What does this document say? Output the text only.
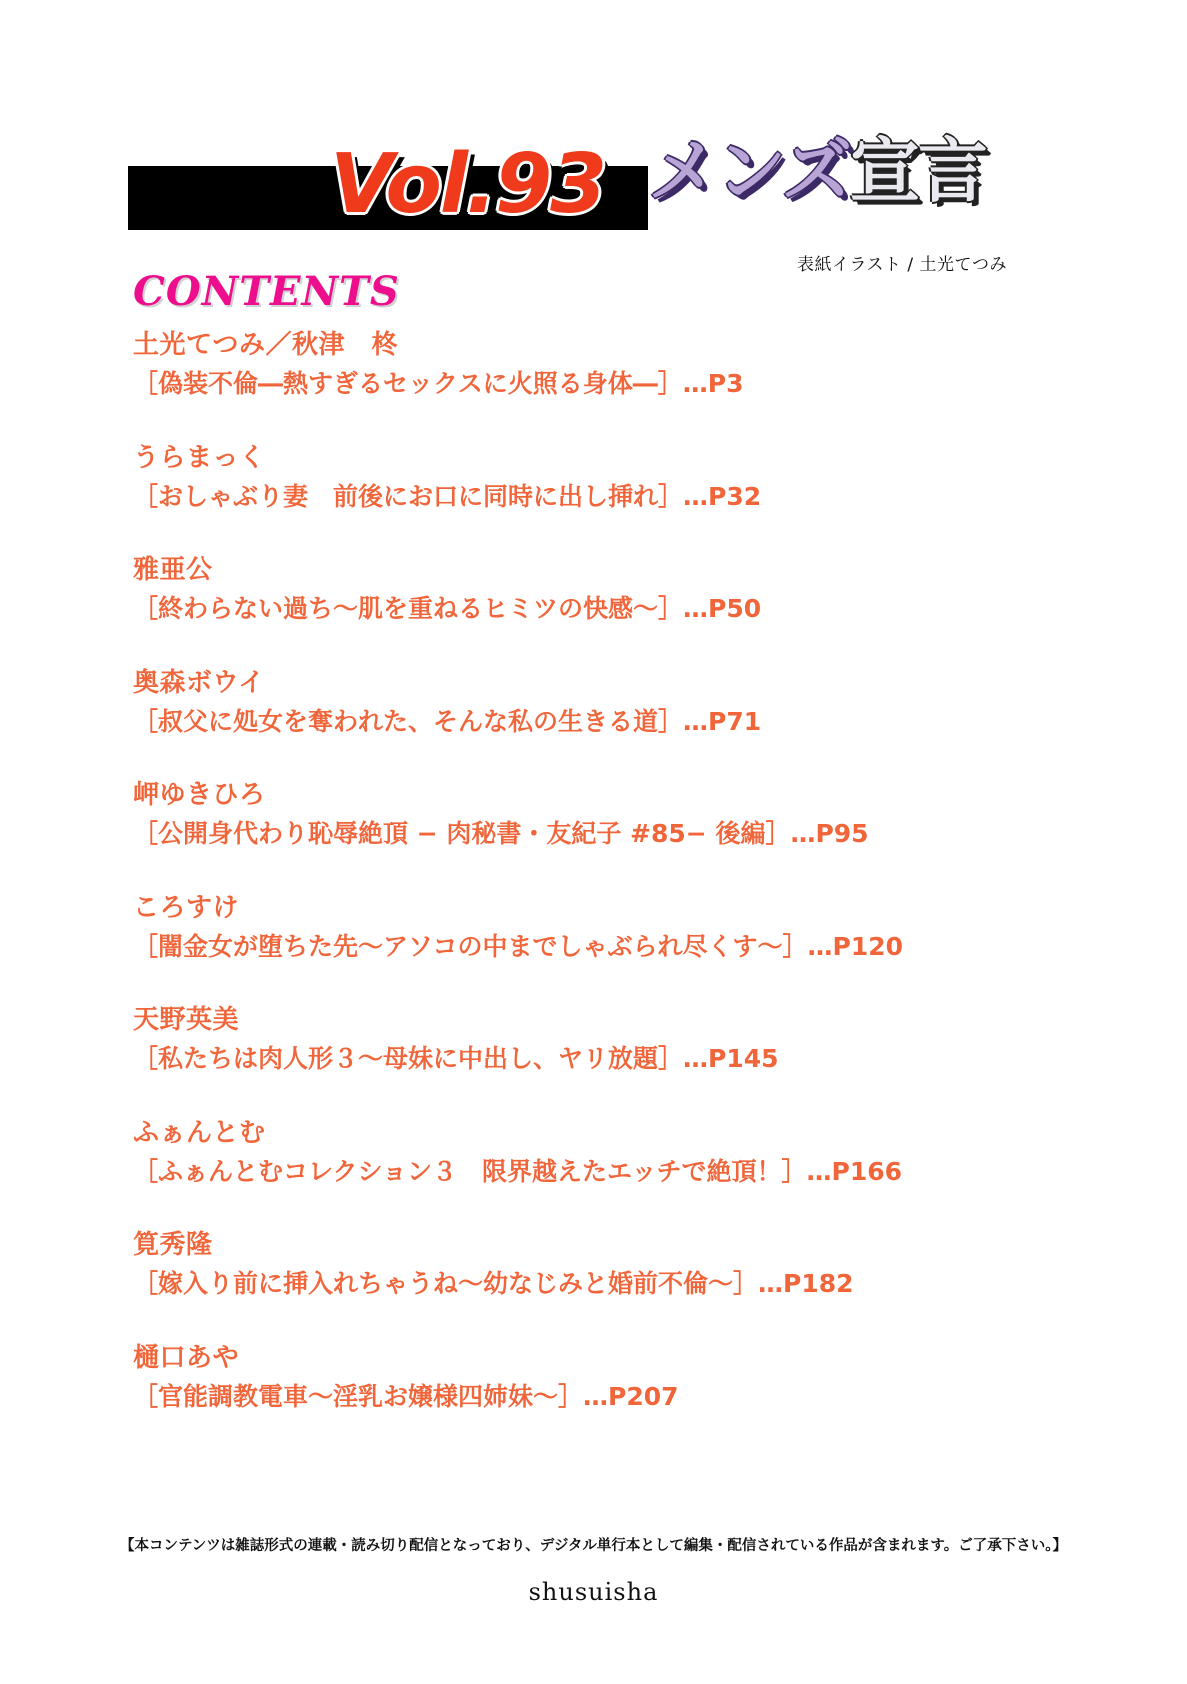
Vol.93 メンズ宣言
表紙イラスト / 土光てつみ
CONTENTS
土光てつみ／秋津　柊
［偽装不倫―熱すぎるセックスに火照る身体―］…P3
うらまっく
［おしゃぶり妻　前後にお口に同時に出し挿れ］…P32
雅亜公
［終わらない過ち〜肌を重ねるヒミツの快感〜］…P50
奥森ボウイ
［叔父に処女を奪われた、そんな私の生きる道］…P71
岬ゆきひろ
［公開身代わり恥辱絶頂 − 肉秘書・友紀子 #85− 後編］…P95
ころすけ
［闇金女が堕ちた先〜アソコの中までしゃぶられ尽くす〜］…P120
天野英美
［私たちは肉人形３〜母妹に中出し、ヤリ放題］…P145
ふぁんとむ
［ふぁんとむコレクション３　限界越えたエッチで絶頂！］…P166
筧秀隆
［嫁入り前に挿入れちゃうね〜幼なじみと婚前不倫〜］…P182
樋口あや
［官能調教電車〜淫乳お嬢様四姉妹〜］…P207
【本コンテンツは雑誌形式の連載・読み切り配信となっており、デジタル単行本として編集・配信されている作品が含まれます。ご了承下さい。】
shusuisha
